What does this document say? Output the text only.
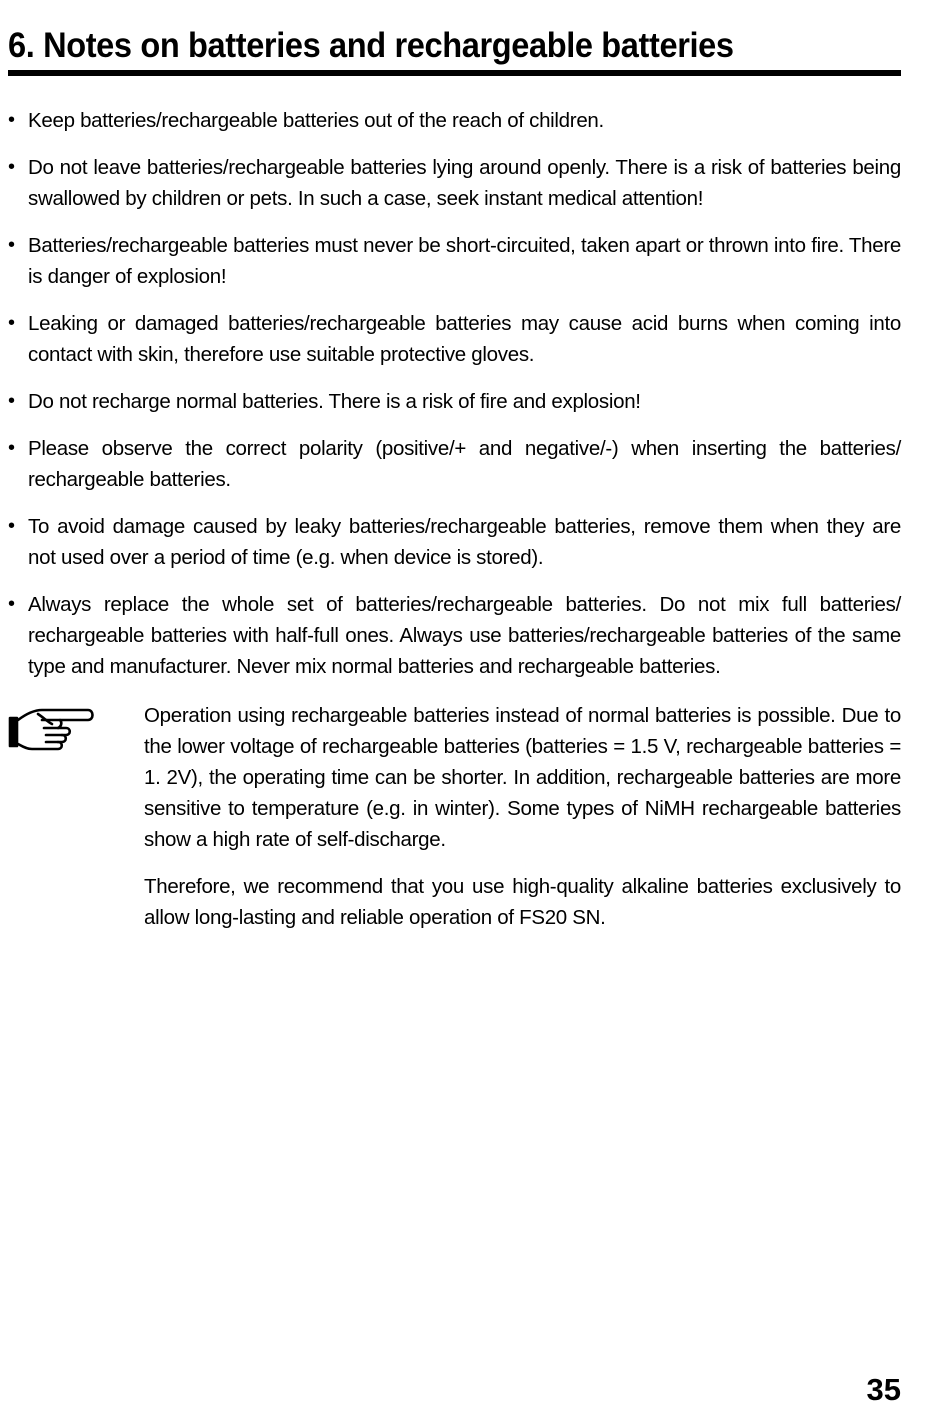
6. Notes on batteries and rechargeable batteries
• Keep batteries/rechargeable batteries out of the reach of children.
• Do not leave batteries/rechargeable batteries lying around openly. There is a risk of batteries being swallowed by children or pets. In such a case, seek instant medical attention!
• Batteries/rechargeable batteries must never be short-circuited, taken apart or thrown into fire. There is danger of explosion!
• Leaking or damaged batteries/rechargeable batteries may cause acid burns when coming into contact with skin, therefore use suitable protective gloves.
• Do not recharge normal batteries. There is a risk of fire and explosion!
• Please observe the correct polarity (positive/+ and negative/-) when inserting the batteries/ rechargeable batteries.
• To avoid damage caused by leaky batteries/rechargeable batteries, remove them when they are not used over a period of time (e.g. when device is stored).
• Always replace the whole set of batteries/rechargeable batteries. Do not mix full batteries/ rechargeable batteries with half-full ones. Always use batteries/rechargeable batteries of the same type and manufacturer. Never mix normal batteries and rechargeable batteries.

Operation using rechargeable batteries instead of normal batteries is possible. Due to the lower voltage of rechargeable batteries (batteries = 1.5 V, rechargeable batteries = 1. 2V), the operating time can be shorter. In addition, rechargeable batteries are more sensitive to temperature (e.g. in winter). Some types of NiMH rechargeable batteries show a high rate of self-discharge.

Therefore, we recommend that you use high-quality alkaline batteries exclusively to allow long-lasting and reliable operation of FS20 SN.

35
